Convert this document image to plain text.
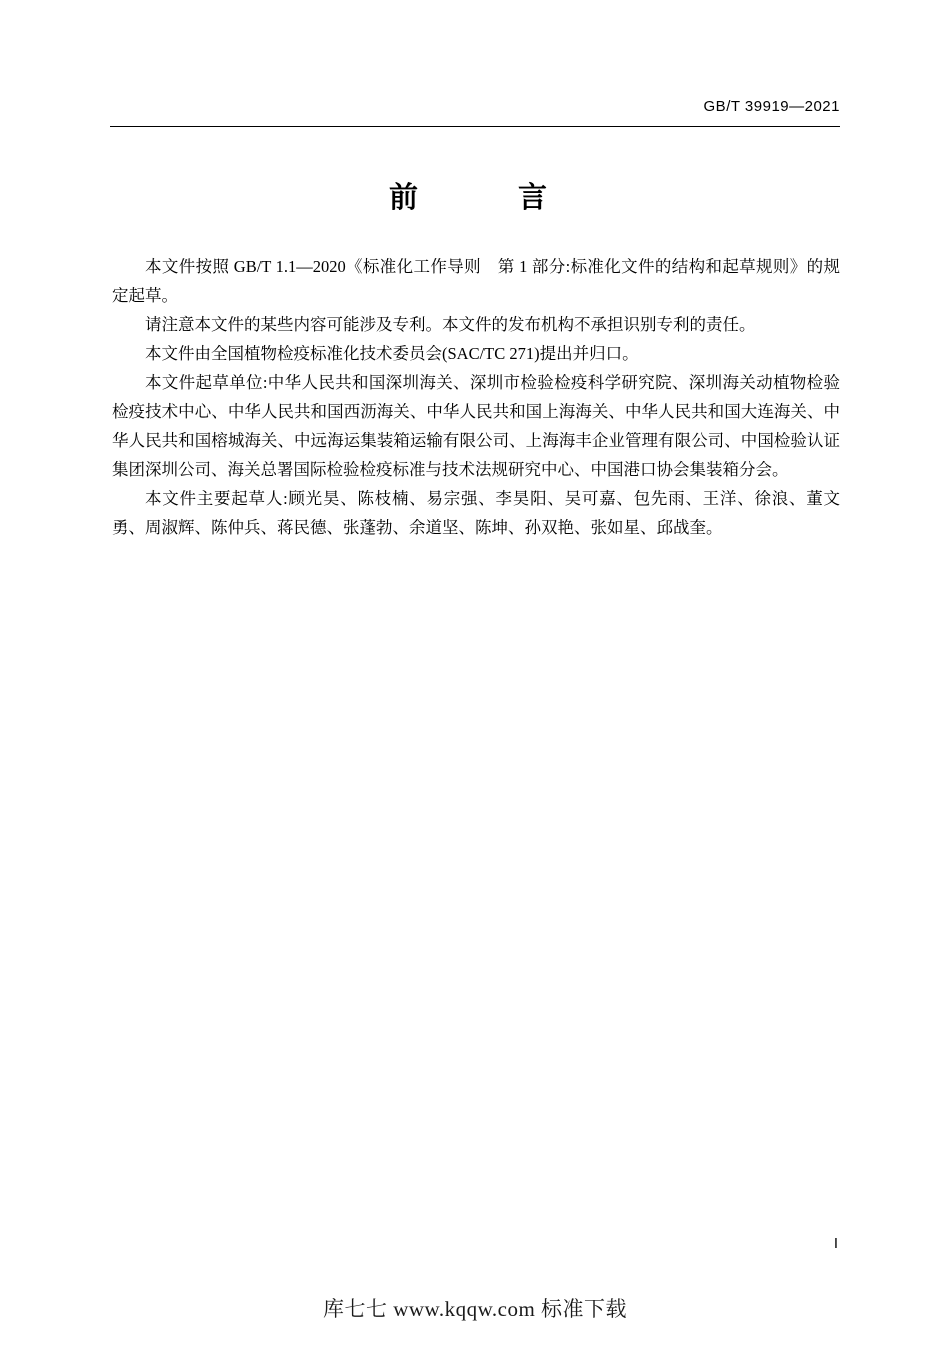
GB/T 39919—2021
前　　言

本文件按照 GB/T 1.1—2020《标准化工作导则　第 1 部分:标准化文件的结构和起草规则》的规定起草。

请注意本文件的某些内容可能涉及专利。本文件的发布机构不承担识别专利的责任。

本文件由全国植物检疫标准化技术委员会(SAC/TC 271)提出并归口。

本文件起草单位:中华人民共和国深圳海关、深圳市检验检疫科学研究院、深圳海关动植物检验检疫技术中心、中华人民共和国西沥海关、中华人民共和国上海海关、中华人民共和国大连海关、中华人民共和国榕城海关、中远海运集装箱运输有限公司、上海海丰企业管理有限公司、中国检验认证集团深圳公司、海关总署国际检验检疫标准与技术法规研究中心、中国港口协会集装箱分会。

本文件主要起草人:顾光昊、陈枝楠、易宗强、李昊阳、吴可嘉、包先雨、王洋、徐浪、董文勇、周淑辉、陈仲兵、蒋民德、张蓬勃、余道坚、陈坤、孙双艳、张如星、邱战奎。

Ⅰ
库七七 www.kqqw.com 标准下载
